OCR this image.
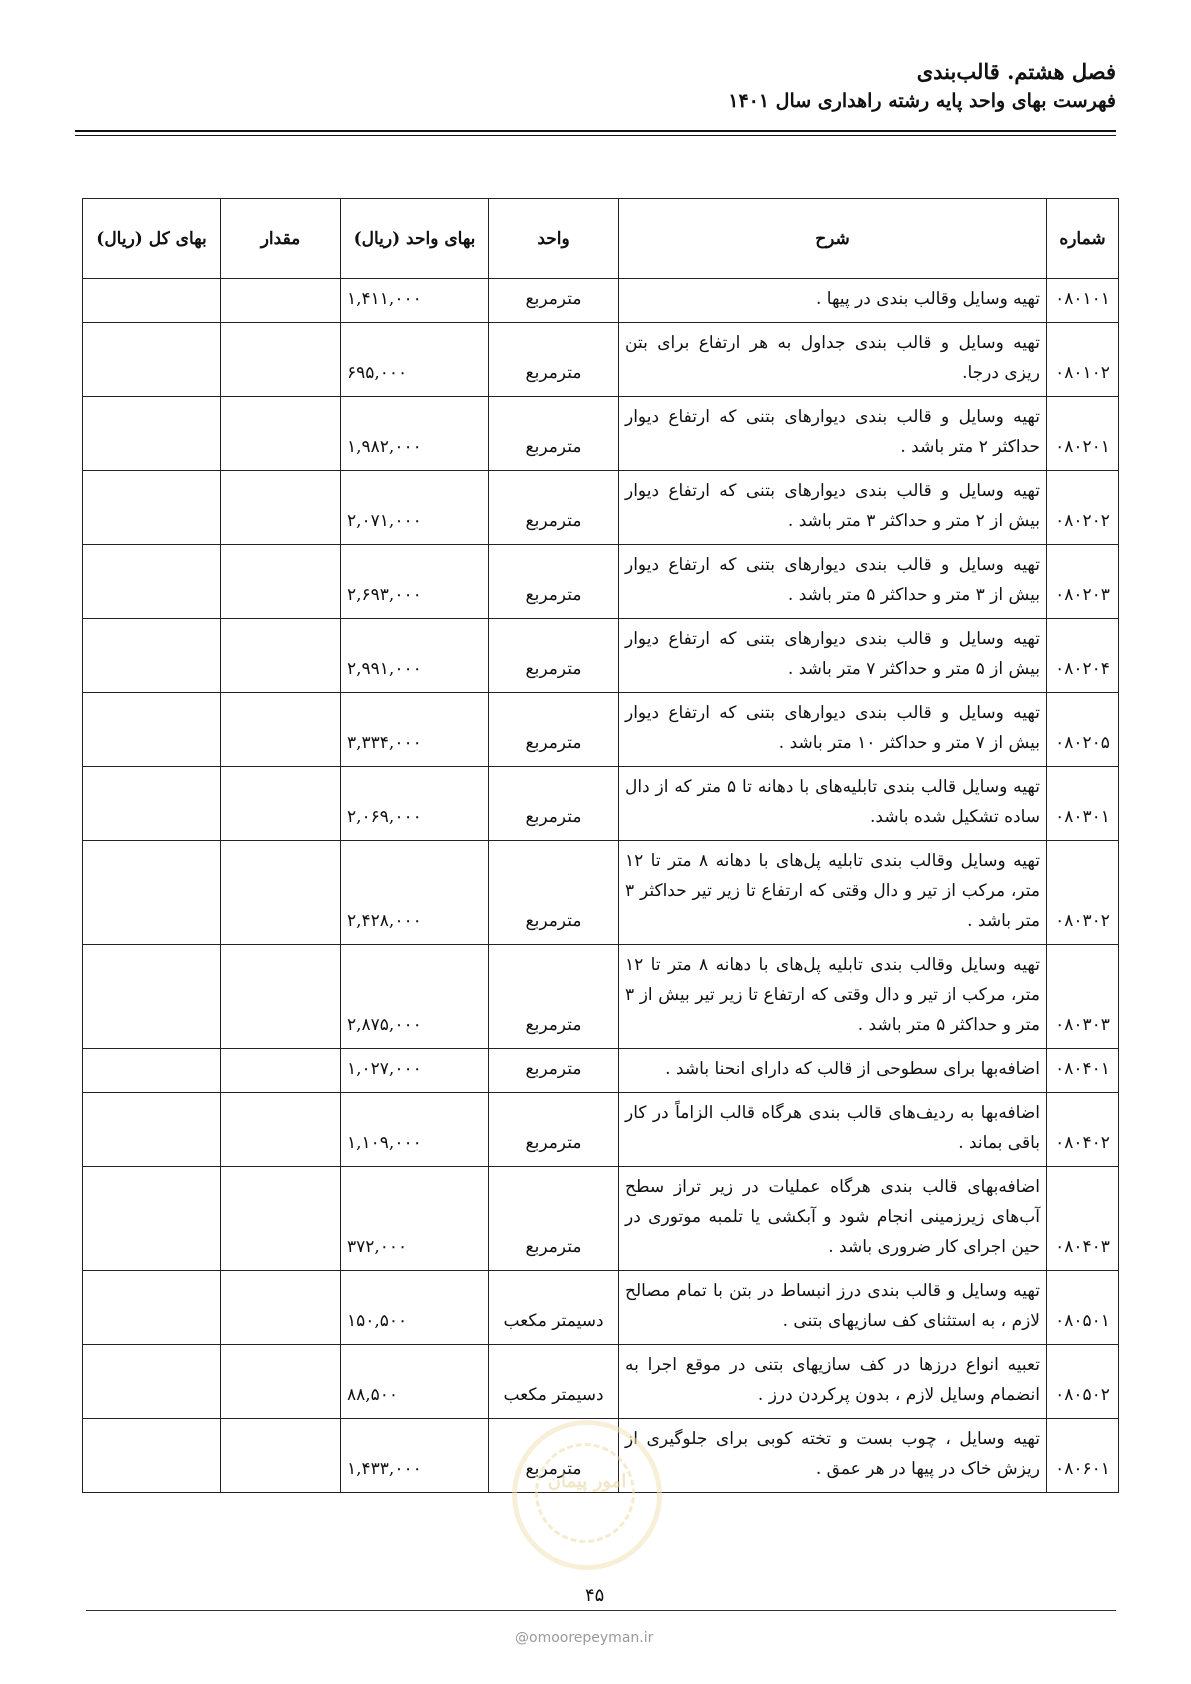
فصل هشتم. قالب‌بندی
فهرست بهای واحد پایه رشته راهداری سال ۱۴۰۱
شماره	شرح	واحد	بهای واحد (ریال)	مقدار	بهای کل (ریال)
۰۸۰۱۰۱	تهیه وسایل وقالب بندی در پیها .	مترمربع	۱,۴۱۱,۰۰۰		
۰۸۰۱۰۲	تهیه وسایل و قالب بندی جداول به هر ارتفاع برای بتن ریزی درجا.	مترمربع	۶۹۵,۰۰۰		
۰۸۰۲۰۱	تهیه وسایل و قالب بندی دیوارهای بتنی که ارتفاع دیوار حداکثر ۲ متر باشد .	مترمربع	۱,۹۸۲,۰۰۰		
۰۸۰۲۰۲	تهیه وسایل و قالب بندی دیوارهای بتنی که ارتفاع دیوار بیش از ۲ متر و حداکثر ۳ متر باشد .	مترمربع	۲,۰۷۱,۰۰۰		
۰۸۰۲۰۳	تهیه وسایل و قالب بندی دیوارهای بتنی که ارتفاع دیوار بیش از ۳ متر و حداکثر ۵ متر باشد .	مترمربع	۲,۶۹۳,۰۰۰		
۰۸۰۲۰۴	تهیه وسایل و قالب بندی دیوارهای بتنی که ارتفاع دیوار بیش از ۵ متر و حداکثر ۷ متر باشد .	مترمربع	۲,۹۹۱,۰۰۰		
۰۸۰۲۰۵	تهیه وسایل و قالب بندی دیوارهای بتنی که ارتفاع دیوار بیش از ۷ متر و حداکثر ۱۰ متر باشد .	مترمربع	۳,۳۳۴,۰۰۰		
۰۸۰۳۰۱	تهیه وسایل قالب بندی تابلیه‌های با دهانه تا ۵ متر که از دال ساده تشکیل شده باشد.	مترمربع	۲,۰۶۹,۰۰۰		
۰۸۰۳۰۲	تهیه وسایل وقالب بندی تابلیه پل‌های با دهانه ۸ متر تا ۱۲ متر، مرکب از تیر و دال وقتی که ارتفاع تا زیر تیر حداکثر ۳ متر باشد .	مترمربع	۲,۴۲۸,۰۰۰		
۰۸۰۳۰۳	تهیه وسایل وقالب بندی تابلیه پل‌های با دهانه ۸ متر تا ۱۲ متر، مرکب از تیر و دال وقتی که ارتفاع تا زیر تیر بیش از ۳ متر و حداکثر ۵ متر باشد .	مترمربع	۲,۸۷۵,۰۰۰		
۰۸۰۴۰۱	اضافه‌بها برای سطوحی از قالب که دارای انحنا باشد .	مترمربع	۱,۰۲۷,۰۰۰		
۰۸۰۴۰۲	اضافه‌بها به ردیف‌های قالب بندی هرگاه قالب الزاماً در کار باقی بماند .	مترمربع	۱,۱۰۹,۰۰۰		
۰۸۰۴۰۳	اضافه‌بهای قالب بندی هرگاه عملیات در زیر تراز سطح آب‌های زیرزمینی انجام شود و آبکشی یا تلمبه موتوری در حین اجرای کار ضروری باشد .	مترمربع	۳۷۲,۰۰۰		
۰۸۰۵۰۱	تهیه وسایل و قالب بندی درز انبساط در بتن با تمام مصالح لازم ، به استثنای کف سازیهای بتنی .	دسیمتر مکعب	۱۵۰,۵۰۰		
۰۸۰۵۰۲	تعبیه انواع درزها در کف سازیهای بتنی در موقع اجرا به انضمام وسایل لازم ، بدون پرکردن درز .	دسیمتر مکعب	۸۸,۵۰۰		
۰۸۰۶۰۱	تهیه وسایل ، چوب بست و تخته کوبی برای جلوگیری از ریزش خاک در پیها در هر عمق .	مترمربع	۱,۴۳۳,۰۰۰		
امور پیمان
۴۵
@omoorepeyman.ir
